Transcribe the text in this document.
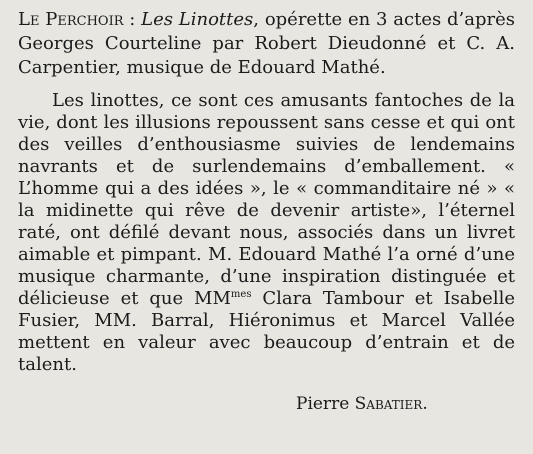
Le Perchoir : Les Linottes, opérette en 3 actes d’après Georges Courteline par Robert Dieudonné et C. A. Carpentier, musique de Edouard Mathé.

Les linottes, ce sont ces amusants fantoches de la vie, dont les illusions repoussent sans cesse et qui ont des veilles d’enthousiasme suivies de lendemains navrants et de surlendemains d’emballement. « L’homme qui a des idées », le « commanditaire né » « la midinette qui rêve de devenir artiste», l’éternel raté, ont défilé devant nous, associés dans un livret aimable et pimpant. M. Edouard Mathé l’a orné d’une musique charmante, d’une inspiration distinguée et délicieuse et que $MM^{mes}$ Clara Tambour et Isabelle Fusier, MM. Barral, Hiéronimus et Marcel Vallée mettent en valeur avec beaucoup d’entrain et de talent.

Pierre Sabatier.
